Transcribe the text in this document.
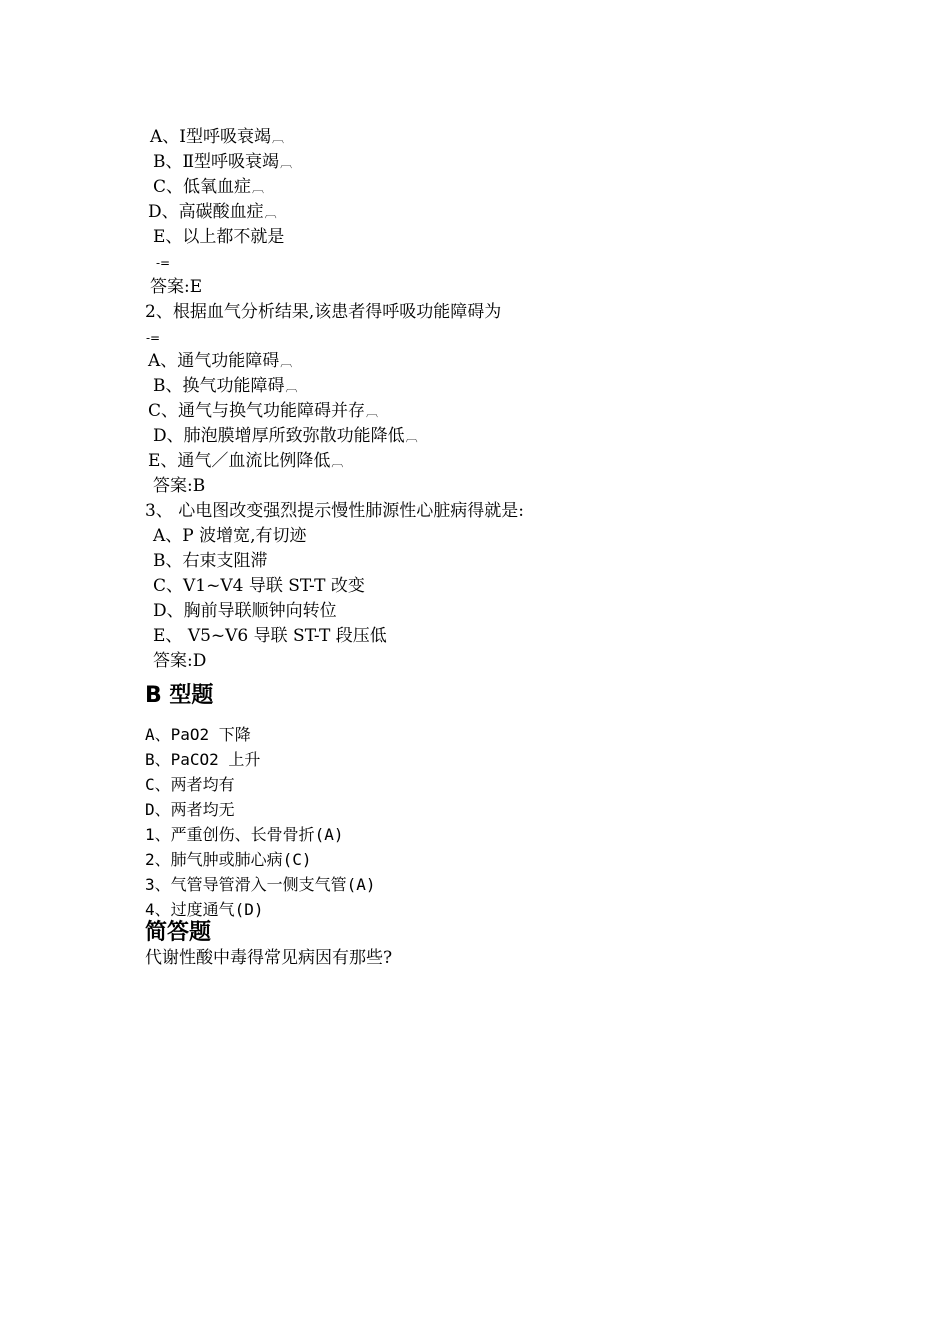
A、Ⅰ型呼吸衰竭︹
B、Ⅱ型呼吸衰竭︹
C、低氧血症︹
D、高碳酸血症︹
E、以上都不就是
-=
答案:E
2、根据血气分析结果,该患者得呼吸功能障碍为
-=
A、通气功能障碍︹
B、换气功能障碍︹
C、通气与换气功能障碍并存︹
D、肺泡膜增厚所致弥散功能降低︹
E、通气／血流比例降低︹
答案:B
3、 心电图改变强烈提示慢性肺源性心脏病得就是:
A、P 波增宽,有切迹
B、右束支阻滞
C、V1~V4 导联 ST-T 改变
D、胸前导联顺钟向转位
E、 V5~V6 导联 ST-T 段压低
答案:D
B 型题
A、PaO2 下降
B、PaCO2 上升
C、两者均有
D、两者均无
1、严重创伤、长骨骨折(A)
2、肺气肿或肺心病(C)
3、气管导管滑入一侧支气管(A)
4、过度通气(D)
简答题
代谢性酸中毒得常见病因有那些?
